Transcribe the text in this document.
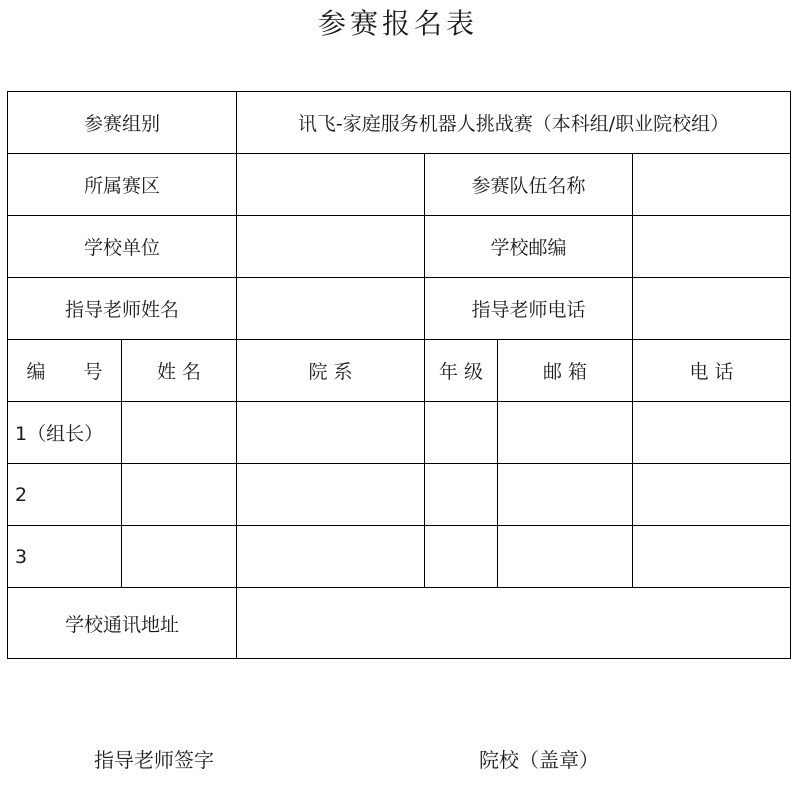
参赛报名表
参赛组别		讯飞-家庭服务机器人挑战赛（本科组/职业院校组）			
所属赛区			参赛队伍名称		
学校单位			学校邮编		
指导老师姓名			指导老师电话		
编　　号	姓 名	院 系	年 级	邮 箱	电 话
1（组长）					
2					
3					
学校通讯地址					
指导老师签字	院校（盖章）
